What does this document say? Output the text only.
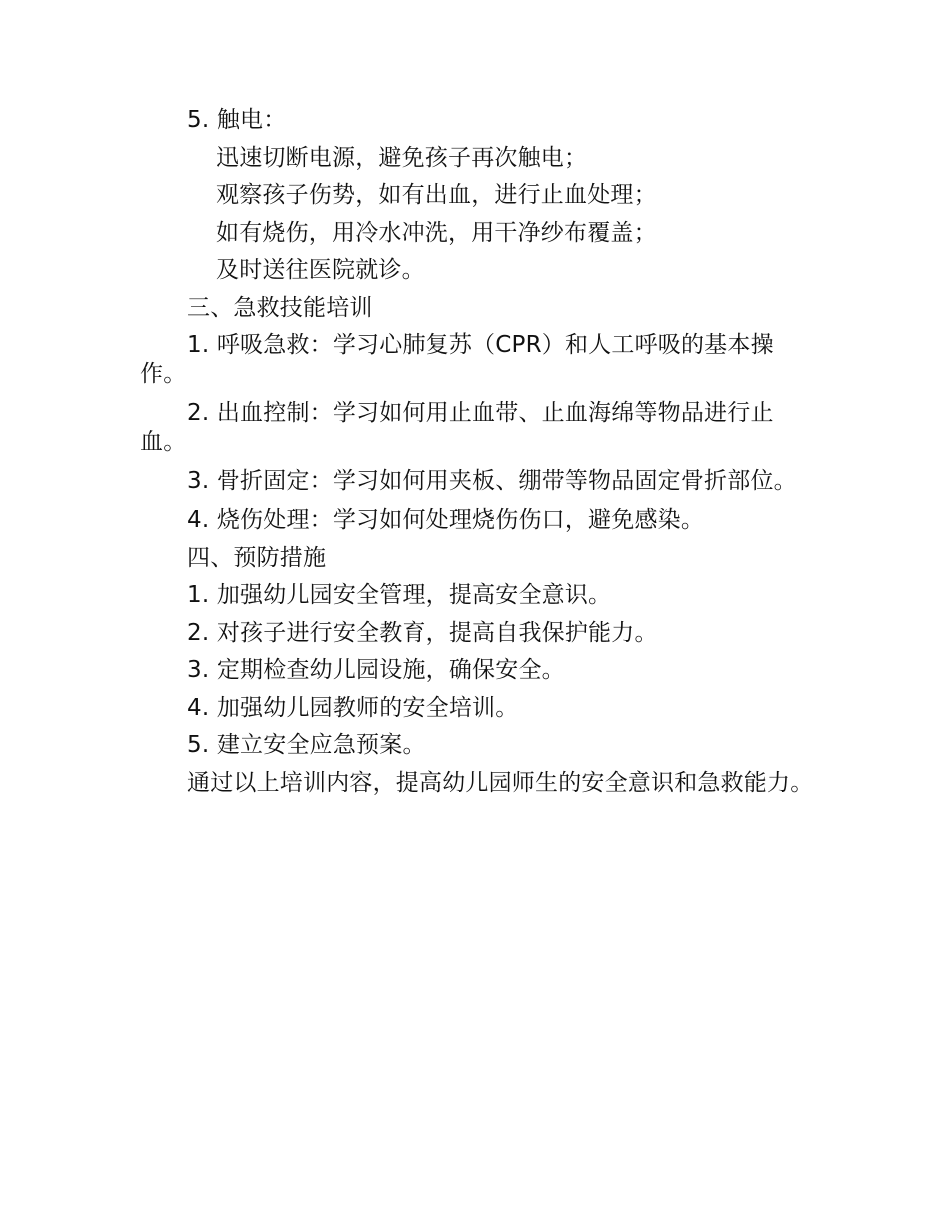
5. 触电：

迅速切断电源，避免孩子再次触电；

观察孩子伤势，如有出血，进行止血处理；

如有烧伤，用冷水冲洗，用干净纱布覆盖；

及时送往医院就诊。

三、急救技能培训

1. 呼吸急救：学习心肺复苏（CPR）和人工呼吸的基本操作。

2. 出血控制：学习如何用止血带、止血海绵等物品进行止血。

3. 骨折固定：学习如何用夹板、绷带等物品固定骨折部位。

4. 烧伤处理：学习如何处理烧伤伤口，避免感染。

四、预防措施

1. 加强幼儿园安全管理，提高安全意识。

2. 对孩子进行安全教育，提高自我保护能力。

3. 定期检查幼儿园设施，确保安全。

4. 加强幼儿园教师的安全培训。

5. 建立安全应急预案。

通过以上培训内容，提高幼儿园师生的安全意识和急救能力。
